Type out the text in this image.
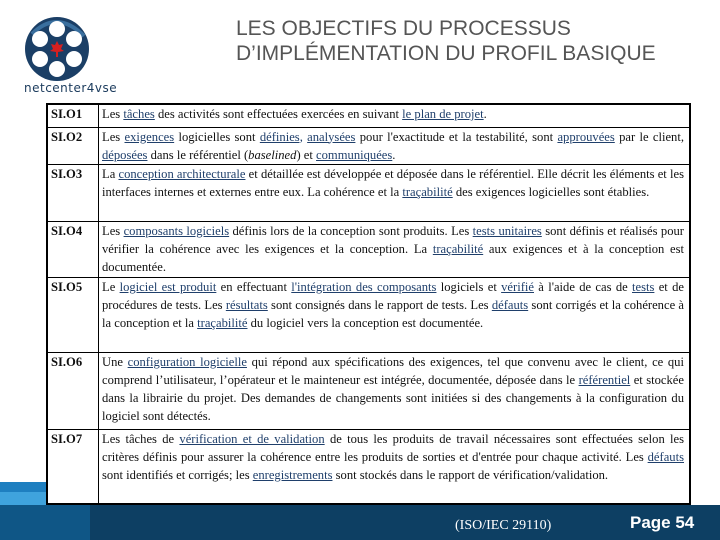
netcenter4vse
LES OBJECTIFS DU PROCESSUS
D’IMPLÉMENTATION DU PROFIL BASIQUE
(ISO/IEC 29110)	Page 54
SI.O1	Les tâches des activités sont effectuées exercées en suivant le plan de projet.
SI.O2	Les exigences logicielles sont définies, analysées pour l'exactitude et la testabilité, sont approuvées par le client, déposées dans le référentiel (baselined) et communiquées.
SI.O3	La conception architecturale et détaillée est développée et déposée dans le référentiel. Elle décrit les éléments et les interfaces internes et externes entre eux. La cohérence et la traçabilité des exigences logicielles sont établies.
SI.O4	Les composants logiciels définis lors de la conception sont produits. Les tests unitaires sont définis et réalisés pour vérifier la cohérence avec les exigences et la conception. La traçabilité aux exigences et à la conception est documentée.
SI.O5	Le logiciel est produit en effectuant l'intégration des composants logiciels et vérifié à l'aide de cas de tests et de procédures de tests. Les résultats sont consignés dans le rapport de tests. Les défauts sont corrigés et la cohérence à la conception et la traçabilité du logiciel vers la conception est documentée.
SI.O6	Une configuration logicielle qui répond aux spécifications des exigences, tel que convenu avec le client, ce qui comprend l’utilisateur, l’opérateur et le mainteneur est intégrée, documentée, déposée dans le référentiel et stockée dans la librairie du projet. Des demandes de changements sont initiées si des changements à la configuration du logiciel sont détectés.
SI.O7	Les tâches de vérification et de validation de tous les produits de travail nécessaires sont effectuées selon les critères définis pour assurer la cohérence entre les produits de sorties et d'entrée pour chaque activité. Les défauts sont identifiés et corrigés; les enregistrements sont stockés dans le rapport de vérification/validation.
